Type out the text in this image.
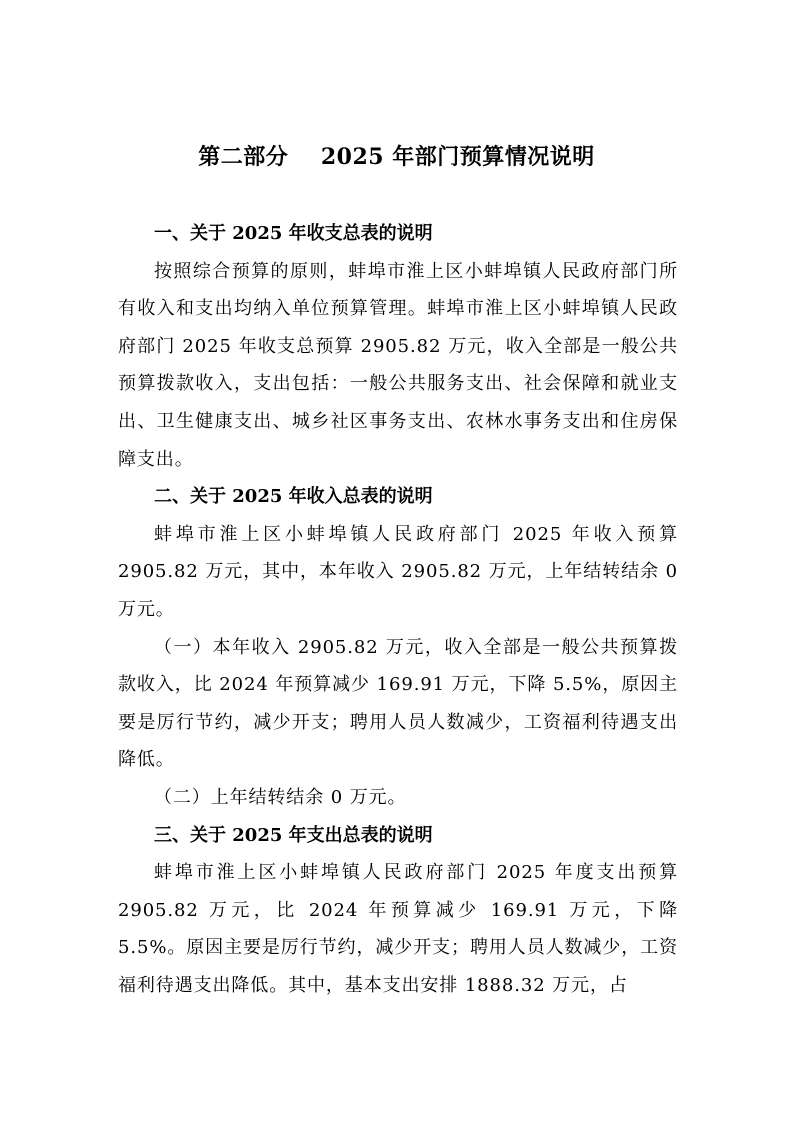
第二部分    2025 年部门预算情况说明

一、关于 2025 年收支总表的说明

按照综合预算的原则，蚌埠市淮上区小蚌埠镇人民政府部门所有收入和支出均纳入单位预算管理。蚌埠市淮上区小蚌埠镇人民政府部门 2025 年收支总预算 2905.82 万元，收入全部是一般公共预算拨款收入，支出包括：一般公共服务支出、社会保障和就业支出、卫生健康支出、城乡社区事务支出、农林水事务支出和住房保障支出。

二、关于 2025 年收入总表的说明

蚌埠市淮上区小蚌埠镇人民政府部门 2025 年收入预算 2905.82 万元，其中，本年收入 2905.82 万元，上年结转结余 0 万元。

（一）本年收入 2905.82 万元，收入全部是一般公共预算拨款收入，比 2024 年预算减少 169.91 万元，下降 5.5%，原因主要是厉行节约，减少开支；聘用人员人数减少，工资福利待遇支出降低。

（二）上年结转结余 0 万元。

三、关于 2025 年支出总表的说明

蚌埠市淮上区小蚌埠镇人民政府部门 2025 年度支出预算 2905.82 万元，比 2024 年预算减少 169.91 万元，下降 5.5%。原因主要是厉行节约，减少开支；聘用人员人数减少，工资福利待遇支出降低。其中，基本支出安排 1888.32 万元，占
